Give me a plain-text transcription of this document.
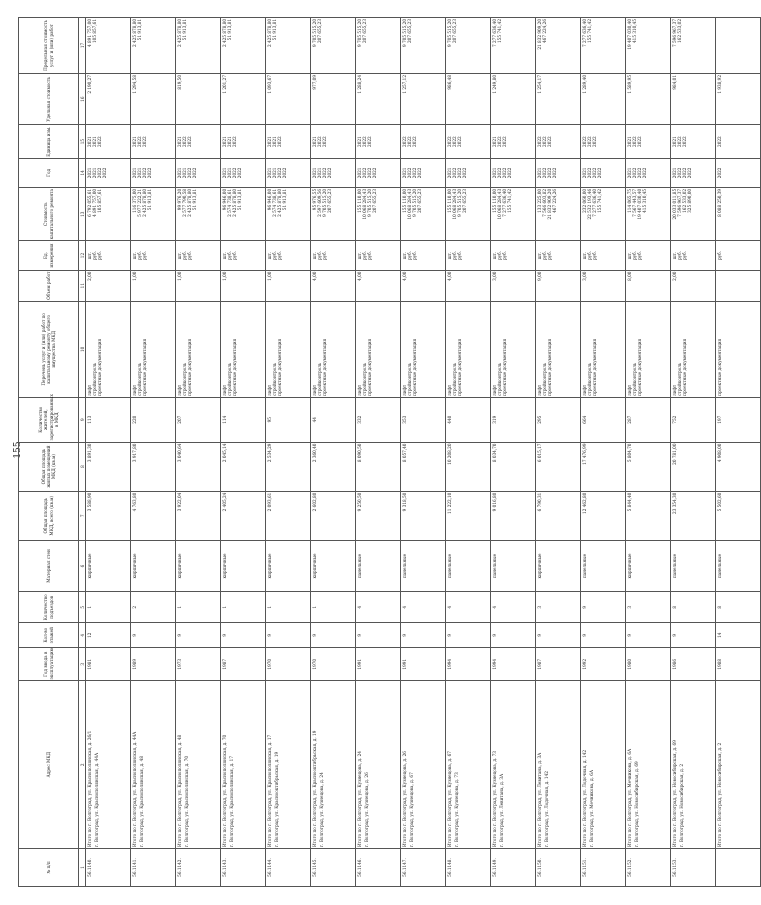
155
№ п/п	Адрес МКД	Год ввода в эксплуатацию	Кол-во этажей	Количество подъездов	Материал стен	Общая площадь МКД, всего (кв.м)	Общая площадь жилых помещений МКД (кв.м)	Количество жителей, зарегистрированных в МКД	Перечень услуг и (или) работ по капитальному ремонту общего имущества МКД	Объем работ	Ед. измерения	Стоимость капитального ремонта	Год	Единица изм.	Удельная стоимость	Предельная стоимость услуг и (или) работ
1	2	3	4	5	6	7	8	9	10	11	12	13	14	15	16	17
56.1140.	Итого по г. Волгоград, ул. Краснополянская, д. 26/1 г. Волгоград, ул. Краснополянская, д. 44А	1981	12	1	кирпичные	3 588,90	3 891,30	113	лифт стройконтроль проектные документация	2,00	шт. руб. руб.	6 792 055,61 4 891 757,00 105 857,61	2021 2021 2022 2022	2021 2021 2022	2 190,27	4 891 757,00 105 857,61

56.1141.	Итого по г. Волгоград, ул. Краснополянская, д. 44А г. Волгоград, ул. Краснополянская, д. 48	1989	9	2	кирпичные	4 763,80	3 917,80	220	лифт стройконтроль проектные документация	1,00	шт. руб. руб.	116 375,00 5 977 222,21 2 425 878,80 51 913,81	2021 2021 2022 2022	2021 2022 2022	1 294,58	2 425 878,80 51 913,81

56.1142.	Итого по г. Волгоград, ул. Краснополянская, д. 48 г. Волгоград, ул. Краснополянская, д. 70	1973	9	1	кирпичные	3 922,04	3 040,64	207	лифт стройконтроль проектные документация	1,00	шт. руб. руб.	99 976,20 2 577 790,58 2 425 878,80 51 913,81	2021 2021 2022 2022	2021 2022 2022	819,50	2 425 878,80 51 913,81

56.1143.	Итого по г. Волгоград, ул. Краснополянская, д. 70 г. Волгоград, ул. Краснополянская, д. 17	1987	9	1	кирпичные	2 405,24	2 045,14	114	лифт стройконтроль проектные документация	1,00	шт. руб. руб.	96 946,00 2 574 738,61 2 425 878,80 51 913,81	2021 2021 2022 2022	2021 2021 2022	1 201,27	2 425 878,80 51 913,81

56.1144.	Итого по г. Волгоград, ул. Краснополянская, д. 17 г. Волгоград, ул. Краснооктябрьская, д. 19	1970	9	1	кирпичные	2 093,61	2 534,29	95	лифт стройконтроль проектные документация	1,00	шт. руб. руб.	96 946,00 2 574 738,61 2 425 878,80 51 913,81	2021 2021 2022 2022	2021 2021 2022	1 093,67	2 425 878,80 51 913,81

56.1145.	Итого по г. Волгоград, ул. Краснооктябрьская, д. 19 г. Волгоград, ул. Кузнецова, д. 24	1970	9	1	кирпичные	2 602,80	2 360,40	44	лифт стройконтроль проектные документация	4,00	шт. руб. руб.	95 976,55 2 597 609,56 9 705 515,20 207 655,23	2021 2021 2022 2022	2021 2022 2022	977,09	9 705 515,20 207 655,23

56.1146.	Итого по г. Волгоград, ул. Кузнецова, д. 24 г. Волгоград, ул. Кузнецова, д. 26	1991	9	4	панельные	9 250,50	8 090,50	332	лифт стройконтроль проектные документация	4,00	шт. руб. руб.	155 110,00 10 068 284,43 9 705 515,20 207 655,23	2021 2022 2022 2022	2021 2022 2022	1 288,24	9 705 515,20 207 655,23

56.1147.	Итого по г. Волгоград, ул. Кузнецова, д. 26 г. Волгоград, ул. Кузнецова, д. 67	1991	9	4	панельные	9 318,50	8 057,40	353	лифт стройконтроль проектные документация	4,00	шт. руб. руб.	155 110,00 10 068 284,43 9 705 515,20 207 655,23	2021 2022 2022 2022	2022 2022 2022	1 257,12	9 705 515,20 207 655,23

56.1148.	Итого по г. Волгоград, ул. Кузнецова, д. 67 г. Волгоград, ул. Кузнецова, д. 73	1994	9	4	панельные	11 222,10	10 208,20	440	лифт стройконтроль проектные документация	4,00	шт. руб. руб.	155 110,00 10 068 284,43 9 705 515,20 207 655,23	2021 2022 2022 2022	2022 2022 2022	986,48	9 705 515,20 207 655,23

56.1149.	Итого по г. Волгоград, ул. Кузнецова, д. 73 г. Волгоград, ул. Левитана, д. 3А	1994	9	4	панельные	9 016,80	8 034,70	319	лифт стройконтроль проектные документация	3,00	шт. руб. руб.	155 110,00 10 068 284,43 7 277 636,40 155 741,42	2021 2022 2022 2022	2021 2022 2022	1 249,80	7 277 636,40 155 741,42

56.1150.	Итого по г. Волгоград, ул. Левитана, д. 3А г. Волгоград, ул. Лодочная, д. 142	1987	9	3	кирпичные	6 790,31	6 015,17	295	лифт стройконтроль проектные документация	9,00	шт. руб. руб.	133 225,00 7 566 603,82 21 832 909,20 467 224,26	2021 2022 2022 2022	2022 2022 2022	1 254,17	21 832 909,20 467 224,26

56.1151.	Итого по г. Волгоград, ул. Лодочная, д. 142 г. Волгоград, ул. Мечникова, д. 6А	1992	9	9	панельные	12 462,80	17 476,99	664	лифт стройконтроль проектные документация	3,00	шт. руб. руб.	232 060,00 22 532 193,46 7 277 636,40 155 741,42	2021 2022 2022 2022	2022 2022 2022	1 289,40	7 277 636,40 155 741,42

56.1152.	Итого по г. Волгоград, ул. Мечникова, д. 6А г. Волгоград, ул. Новосибирская, д. 69	1980	9	3	кирпичные	5 844,40	5 804,70	287	лифт стройконтроль проектные документация	8,00	шт. руб. руб.	114 065,75 7 567 443,57 19 407 030,40 415 310,45	2021 2022 2022 2022	2021 2022 2022	1 589,95	19 407 030,40 415 310,45

56.1153.	Итого по г. Волгоград, ул. Новосибирская, д. 69 г. Волгоград, ул. Новосибирская, д. 2	1986	9	8	панельные	23 354,30	20 781,00	752	лифт стройконтроль проектные документация	2,00	шт. руб. руб.	20 033 011,85 7 596 967,37 162 533,02 325 890,00	2021 2022 2022 2022	2021 2022 2022	984,01	7 596 967,37 162 533,02

	Итого по г. Волгоград, ул. Новосибирская, д. 2	1988	14	8	панельные	5 502,60	4 908,00	197	проектные документация		руб.	8 088 250,39	2022	2022	1 938,92	
